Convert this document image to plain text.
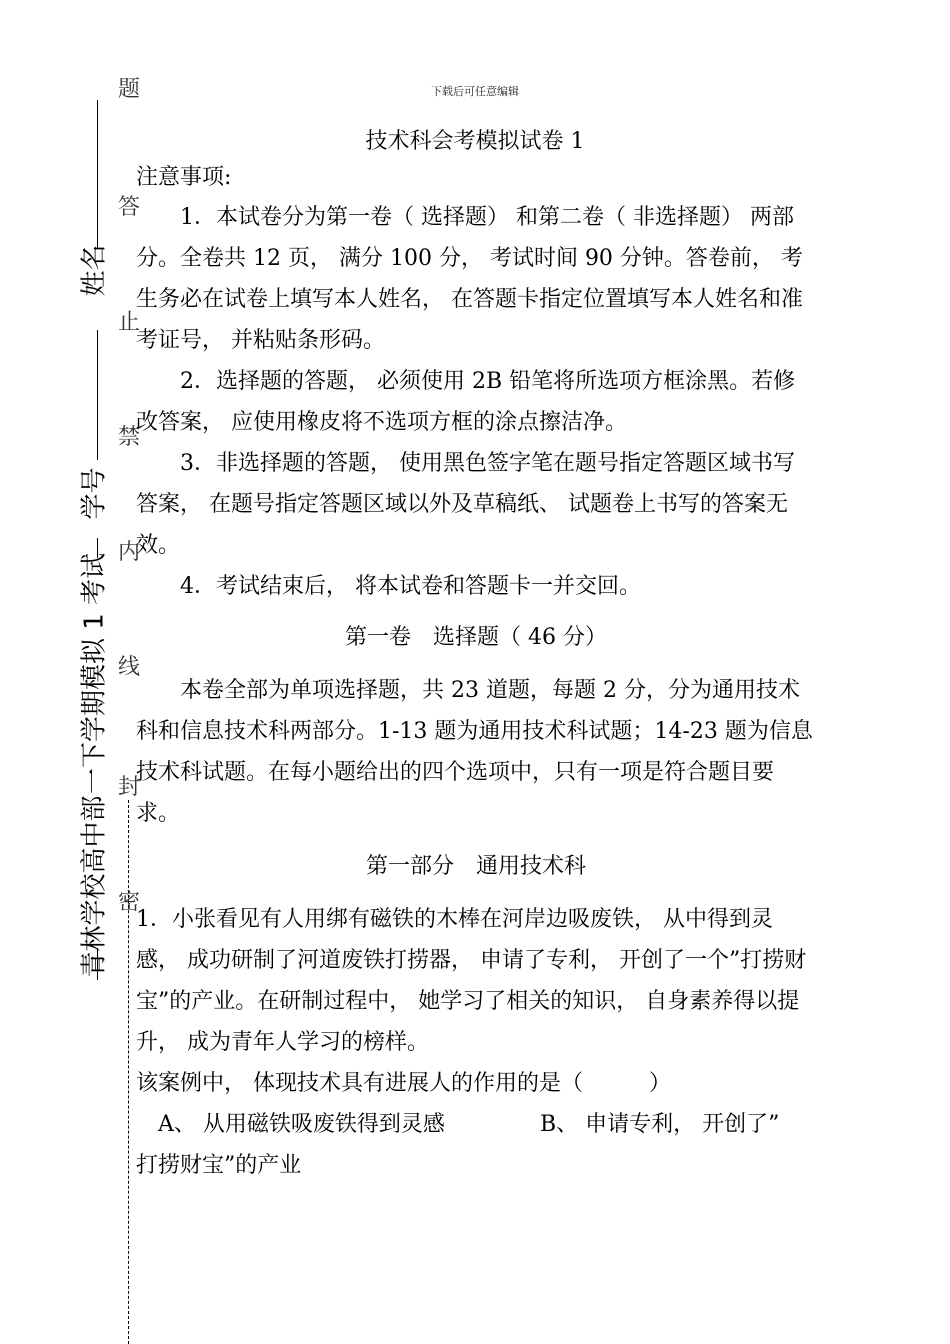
下载后可任意编辑
技术科会考模拟试卷 1
题
答
止
禁
内
线
封
密
姓名
学号
一下学期模拟 1 考试
青林学校高中部

注意事项:

1．本试卷分为第一卷（ 选择题） 和第二卷（ 非选择题） 两部分。全卷共 12 页， 满分 100 分， 考试时间 90 分钟。答卷前， 考生务必在试卷上填写本人姓名， 在答题卡指定位置填写本人姓名和准考证号， 并粘贴条形码。

2．选择题的答题， 必须使用 2B 铅笔将所选项方框涂黑。若修改答案， 应使用橡皮将不选项方框的涂点擦洁净。

3．非选择题的答题， 使用黑色签字笔在题号指定答题区域书写答案， 在题号指定答题区域以外及草稿纸、 试题卷上书写的答案无效。

4．考试结束后， 将本试卷和答题卡一并交回。

第一卷　选择题（ 46 分）

本卷全部为单项选择题，共 23 道题，每题 2 分，分为通用技术科和信息技术科两部分。1-13 题为通用技术科试题；14-23 题为信息技术科试题。在每小题给出的四个选项中，只有一项是符合题目要求。

第一部分　通用技术科

1．小张看见有人用绑有磁铁的木棒在河岸边吸废铁， 从中得到灵感， 成功研制了河道废铁打捞器， 申请了专利， 开创了一个”打捞财宝”的产业。在研制过程中， 她学习了相关的知识， 自身素养得以提升， 成为青年人学习的榜样。

该案例中， 体现技术具有进展人的作用的是（　　　）

A、 从用磁铁吸废铁得到灵感	B、 申请专利， 开创了”

打捞财宝”的产业
